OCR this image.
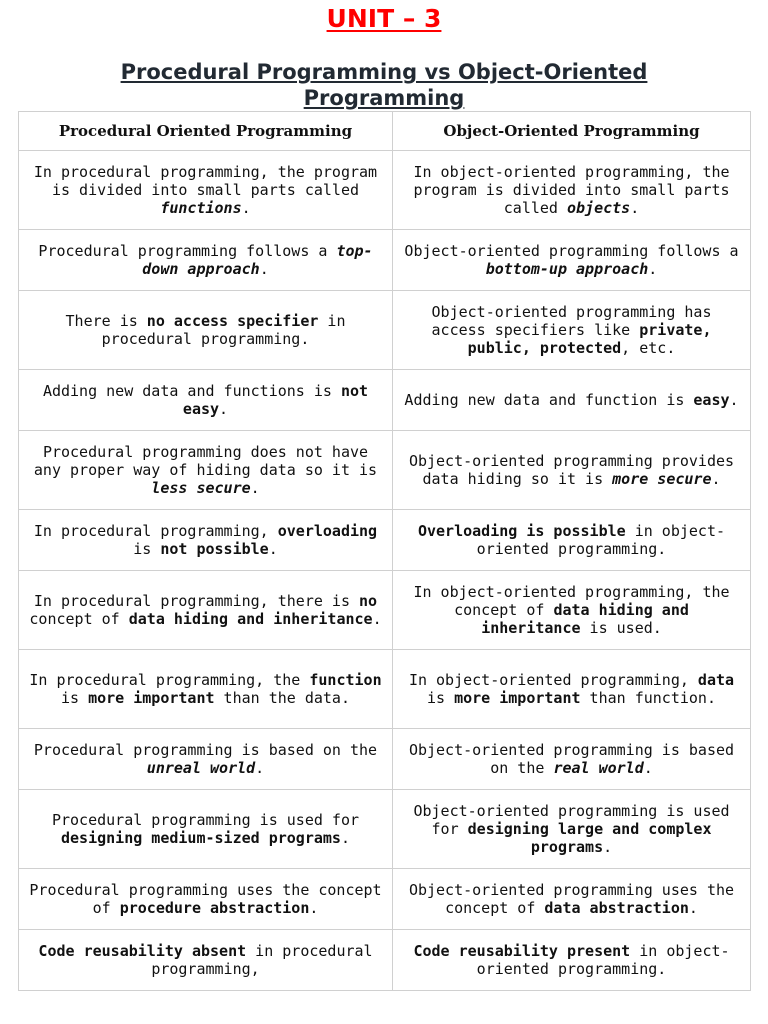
UNIT – 3
Procedural Programming vs Object-Oriented Programming
Procedural Oriented Programming	Object-Oriented Programming
In procedural programming, the program is divided into small parts called functions.	In object-oriented programming, the program is divided into small parts called objects.
Procedural programming follows a top-down approach.	Object-oriented programming follows a bottom-up approach.
There is no access specifier in procedural programming.	Object-oriented programming has access specifiers like private, public, protected, etc.
Adding new data and functions is not easy.	Adding new data and function is easy.
Procedural programming does not have any proper way of hiding data so it is less secure.	Object-oriented programming provides data hiding so it is more secure.
In procedural programming, overloading is not possible.	Overloading is possible in object-oriented programming.
In procedural programming, there is no concept of data hiding and inheritance.	In object-oriented programming, the concept of data hiding and inheritance is used.
In procedural programming, the function is more important than the data.	In object-oriented programming, data is more important than function.
Procedural programming is based on the unreal world.	Object-oriented programming is based on the real world.
Procedural programming is used for designing medium-sized programs.	Object-oriented programming is used for designing large and complex programs.
Procedural programming uses the concept of procedure abstraction.	Object-oriented programming uses the concept of data abstraction.
Code reusability absent in procedural programming,	Code reusability present in object-oriented programming.
